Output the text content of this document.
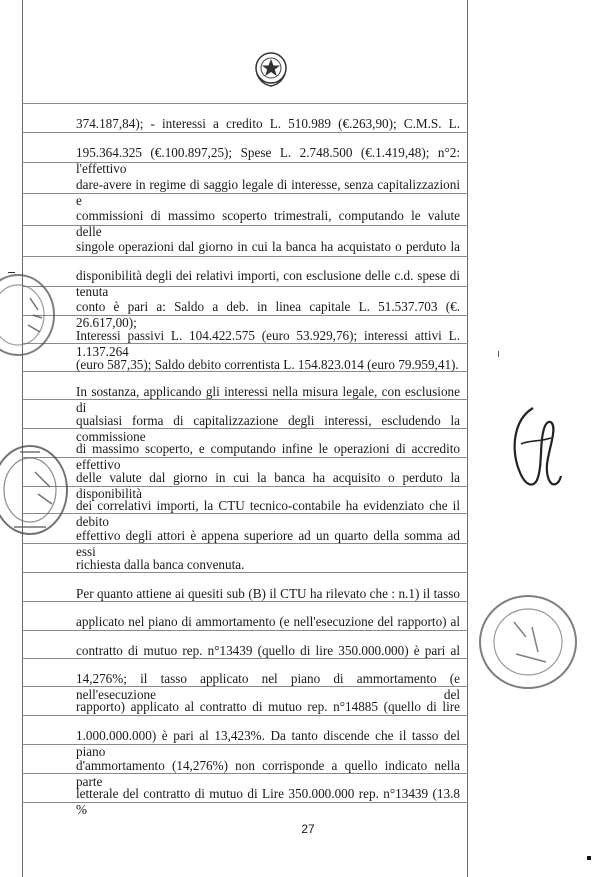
374.187,84); - interessi a credito L. 510.989 (€.263,90); C.M.S. L.
195.364.325 (€.100.897,25); Spese L. 2.748.500 (€.1.419,48); n°2: l'effettivo
dare-avere in regime di saggio legale di interesse, senza capitalizzazioni e
commissioni di massimo scoperto trimestrali, computando le valute delle
singole operazioni dal giorno in cui la banca ha acquistato o perduto la
disponibilità degli dei relativi importi, con esclusione delle c.d. spese di tenuta
conto è pari a: Saldo a deb. in linea capitale L. 51.537.703 (€. 26.617,00);
Interessi passivi L. 104.422.575 (euro 53.929,76); interessi attivi L. 1.137.264
(euro 587,35); Saldo debito correntista L. 154.823.014 (euro 79.959,41).
In sostanza, applicando gli interessi nella misura legale, con esclusione di
qualsiasi forma di capitalizzazione degli interessi, escludendo la commissione
di massimo scoperto, e computando infine le operazioni di accredito effettivo
delle valute dal giorno in cui la banca ha acquisito o perduto la disponibilità
dei correlativi importi, la CTU tecnico-contabile ha evidenziato che il debito
effettivo degli attori è appena superiore ad un quarto della somma ad essi
richiesta dalla banca convenuta.
Per quanto attiene ai quesiti sub (B) il CTU ha rilevato che : n.1) il tasso
applicato nel piano di ammortamento (e nell'esecuzione del rapporto) al
contratto di mutuo rep. n°13439 (quello di lire 350.000.000) è pari al
14,276%; il tasso applicato nel piano di ammortamento (e nell'esecuzione del
rapporto) applicato al contratto di mutuo rep. n°14885 (quello di lire
1.000.000.000) è pari al 13,423%. Da tanto discende che il tasso del piano
d'ammortamento (14,276%) non corrisponde a quello indicato nella parte
letterale del contratto di mutuo di Lire 350.000.000 rep. n°13439 (13.8 %
27
